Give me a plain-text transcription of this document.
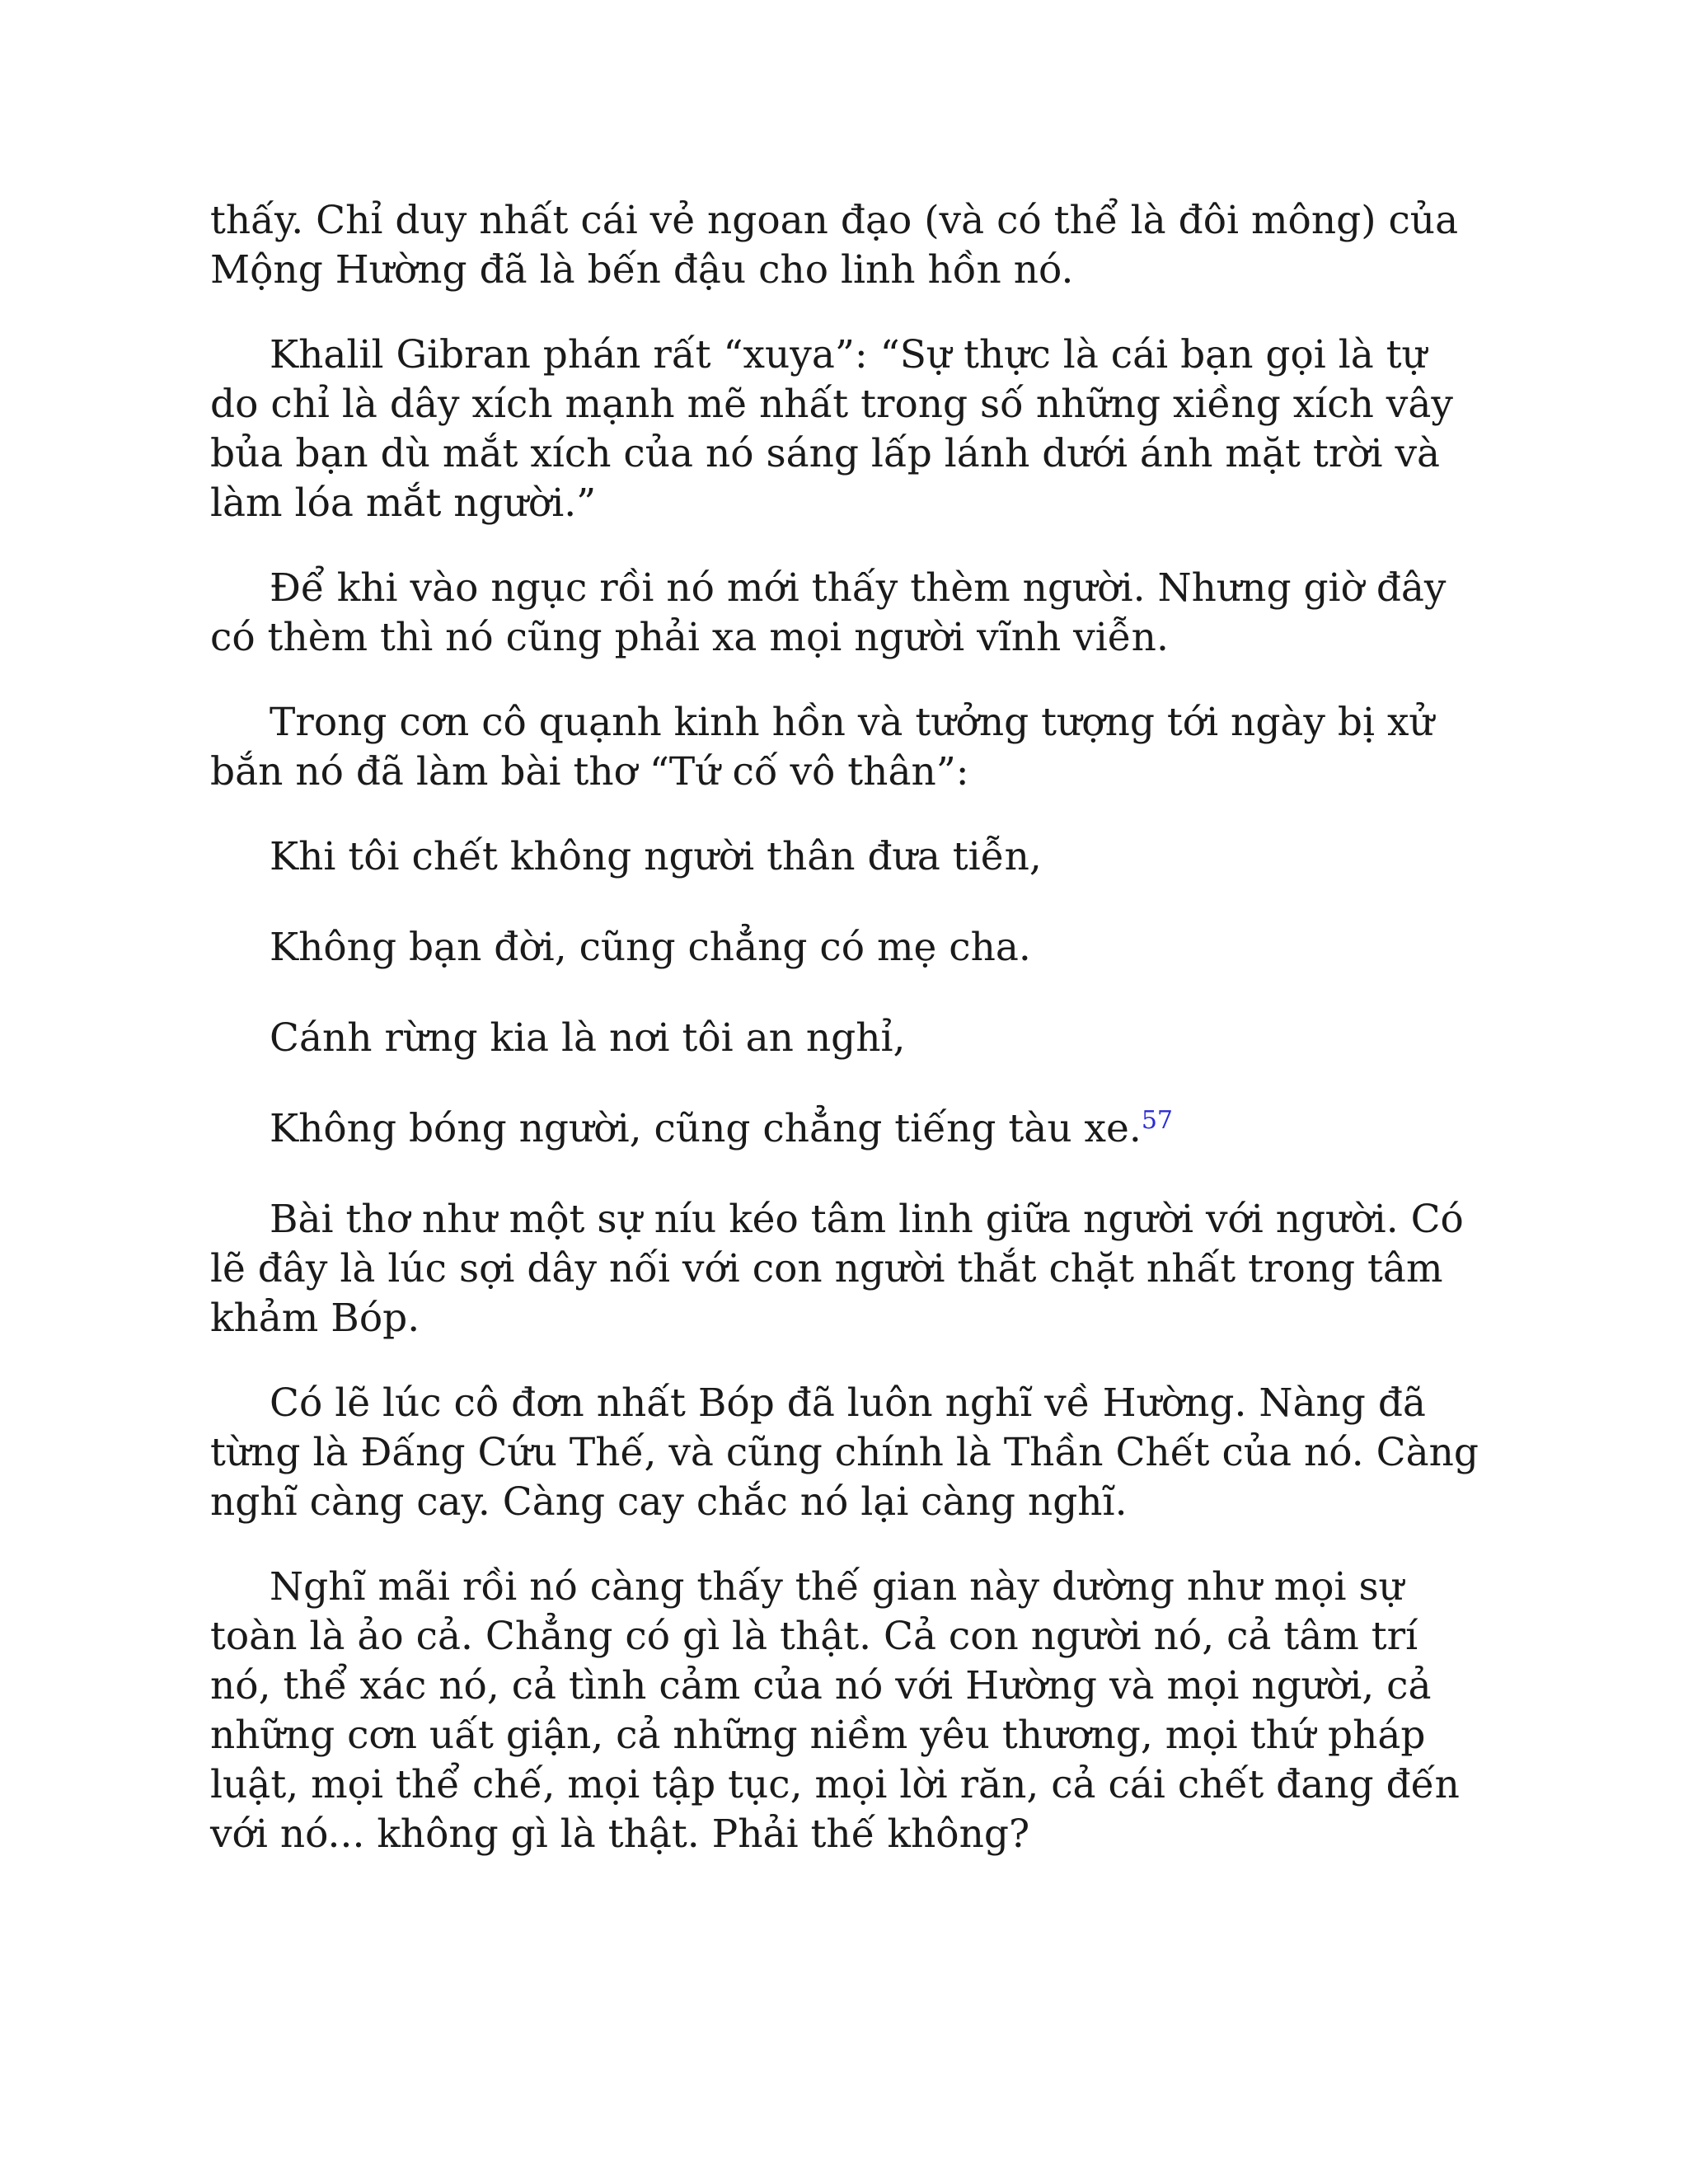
thấy. Chỉ duy nhất cái vẻ ngoan đạo (và có thể là đôi mông) của Mộng Hường đã là bến đậu cho linh hồn nó.

Khalil Gibran phán rất “xuya”: “Sự thực là cái bạn gọi là tự do chỉ là dây xích mạnh mẽ nhất trong số những xiềng xích vây bủa bạn dù mắt xích của nó sáng lấp lánh dưới ánh mặt trời và làm lóa mắt người.”

Để khi vào ngục rồi nó mới thấy thèm người. Nhưng giờ đây có thèm thì nó cũng phải xa mọi người vĩnh viễn.

Trong cơn cô quạnh kinh hồn và tưởng tượng tới ngày bị xử bắn nó đã làm bài thơ “Tứ cố vô thân”:

Khi tôi chết không người thân đưa tiễn,

Không bạn đời, cũng chẳng có mẹ cha.

Cánh rừng kia là nơi tôi an nghỉ,

Không bóng người, cũng chẳng tiếng tàu xe.$^{57}$

Bài thơ như một sự níu kéo tâm linh giữa người với người. Có lẽ đây là lúc sợi dây nối với con người thắt chặt nhất trong tâm khảm Bóp.

Có lẽ lúc cô đơn nhất Bóp đã luôn nghĩ về Hường. Nàng đã từng là Đấng Cứu Thế, và cũng chính là Thần Chết của nó. Càng nghĩ càng cay. Càng cay chắc nó lại càng nghĩ.

Nghĩ mãi rồi nó càng thấy thế gian này dường như mọi sự toàn là ảo cả. Chẳng có gì là thật. Cả con người nó, cả tâm trí nó, thể xác nó, cả tình cảm của nó với Hường và mọi người, cả những cơn uất giận, cả những niềm yêu thương, mọi thứ pháp luật, mọi thể chế, mọi tập tục, mọi lời răn, cả cái chết đang đến với nó... không gì là thật. Phải thế không?
